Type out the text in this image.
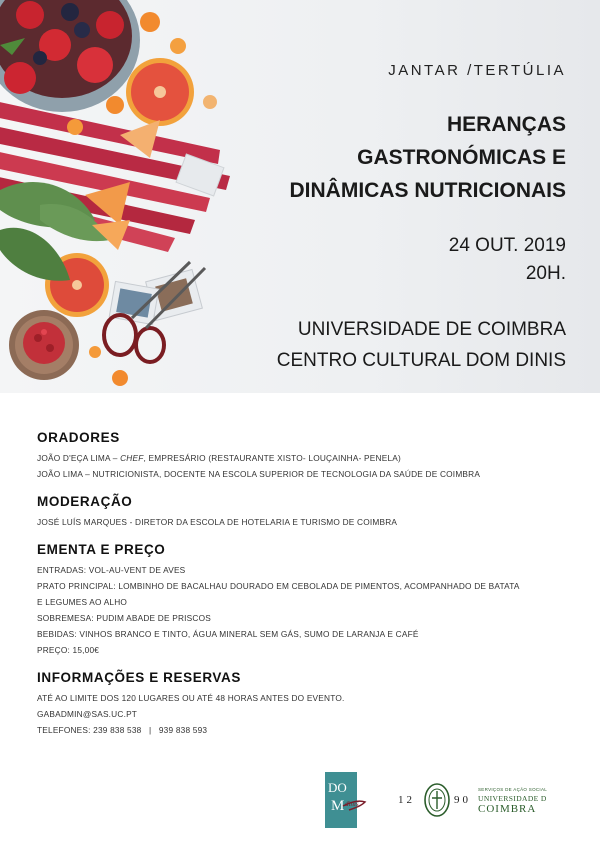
JANTAR /TERTÚLIA
HERANÇAS
GASTRONÓMICAS E
DINÂMICAS NUTRICIONAIS
24 OUT. 2019
20H.
UNIVERSIDADE DE COIMBRA
CENTRO CULTURAL DOM DINIS
ORADORES
JOÃO D'EÇA LIMA – CHEF, EMPRESÁRIO (RESTAURANTE XISTO- LOUÇAINHA- PENELA)
JOÃO LIMA – NUTRICIONISTA, DOCENTE NA ESCOLA SUPERIOR DE TECNOLOGIA DA SAÚDE DE COIMBRA
MODERAÇÃO
JOSÉ LUÍS MARQUES - DIRETOR DA ESCOLA DE HOTELARIA E TURISMO DE COIMBRA
EMENTA E PREÇO
ENTRADAS: VOL-AU-VENT DE AVES
PRATO PRINCIPAL: LOMBINHO DE BACALHAU DOURADO EM CEBOLADA DE PIMENTOS, ACOMPANHADO DE BATATA
E LEGUMES AO ALHO
SOBREMESA: PUDIM ABADE DE PRISCOS
BEBIDAS: VINHOS BRANCO E TINTO, ÁGUA MINERAL SEM GÁS, SUMO DE LARANJA E CAFÉ
PREÇO: 15,00€
INFORMAÇÕES E RESERVAS
ATÉ AO LIMITE DOS 120 LUGARES OU ATÉ 48 HORAS ANTES DO EVENTO.
GABADMIN@SAS.UC.PT
TELEFONES: 239 838 538   |   939 838 593
DO
M dinis	12	90
SERVIÇOS DE AÇÃO SOCIAL
UNIVERSIDADE D
COIMBRA
